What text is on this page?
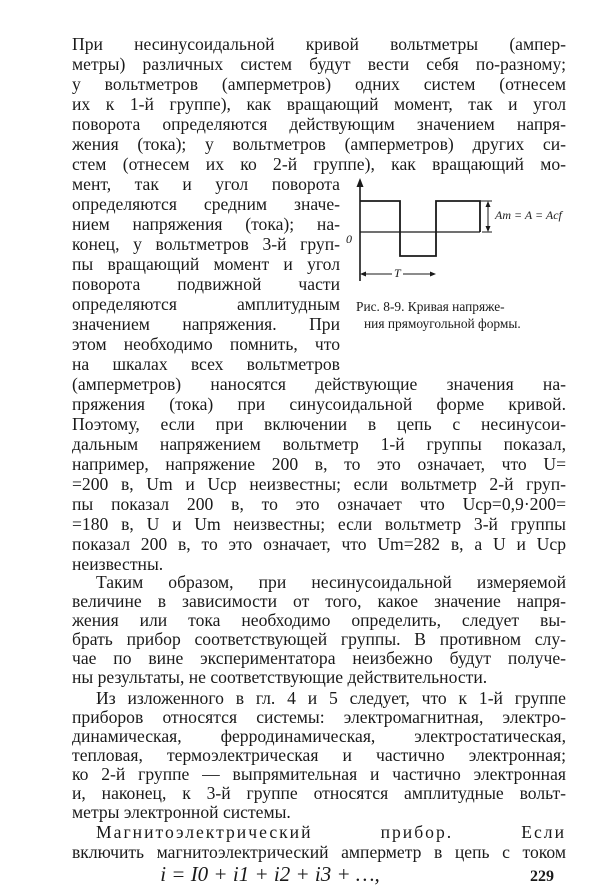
При несинусоидальной кривой вольтметры (ампер-
метры) различных систем будут вести себя по-разному;
у вольтметров (амперметров) одних систем (отнесем
их к 1-й группе), как вращающий момент, так и угол
поворота определяются действующим значением напря-
жения (тока); у вольтметров (амперметров) других си-
стем (отнесем их ко 2-й группе), как вращающий мо-
мент, так и угол поворота
определяются средним значе-
нием напряжения (тока); на-
конец, у вольтметров 3-й груп-
пы вращающий момент и угол
поворота подвижной части
определяются амплитудным
значением напряжения. При
этом необходимо помнить, что
на шкалах всех вольтметров
(амперметров) наносятся действующие значения на-
пряжения (тока) при синусоидальной форме кривой.
Поэтому, если при включении в цепь с несинусои-
дальным напряжением вольтметр 1-й группы показал,
например, напряжение 200 в, то это означает, что U=
=200 в, Um и Uср неизвестны; если вольтметр 2-й груп-
пы показал 200 в, то это означает что Uср=0,9·200=
=180 в, U и Um неизвестны; если вольтметр 3-й группы
показал 200 в, то это означает, что Um=282 в, а U и Uср
неизвестны.
Таким образом, при несинусоидальной измеряемой
величине в зависимости от того, какое значение напря-
жения или тока необходимо определить, следует вы-
брать прибор соответствующей группы. В противном слу-
чае по вине экспериментатора неизбежно будут получе-
ны результаты, не соответствующие действительности.
Из изложенного в гл. 4 и 5 следует, что к 1-й группе
приборов относятся системы: электромагнитная, электро-
динамическая, ферродинамическая, электростатическая,
тепловая, термоэлектрическая и частично электронная;
ко 2-й группе — выпрямительная и частично электронная
и, наконец, к 3-й группе относятся амплитудные вольт-
метры электронной системы.
Am = A = Acf
0
T
Рис. 8-9. Кривая напряже-
ния прямоугольной формы.
Магнитоэлектрический прибор. Если
включить магнитоэлектрический амперметр в цепь с током
i = I0 + i1 + i2 + i3 + …,	229
